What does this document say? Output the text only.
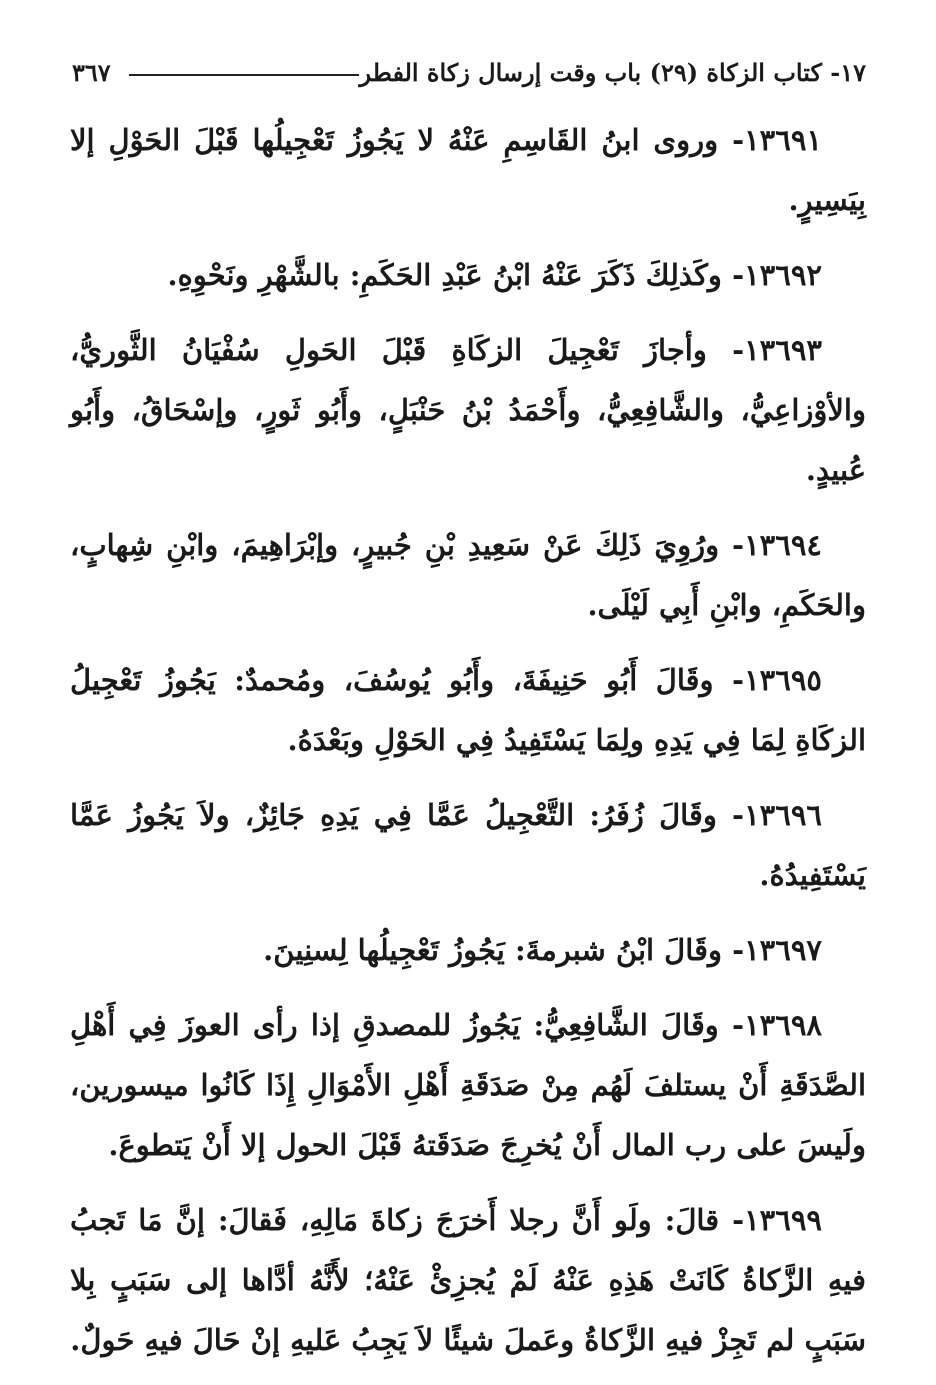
١٧- كتاب الزكاة (٢٩) باب وقت إرسال زكاة الفطر
٣٦٧

١٣٦٩١- وروى ابنُ القَاسِمِ عَنْهُ لا يَجُوزُ تَعْجِيلُها قَبْلَ الحَوْلِ إلا بِيَسِيرٍ.

١٣٦٩٢- وكَذلِكَ ذَكَرَ عَنْهُ ابْنُ عَبْدِ الحَكَمِ: بالشَّهْرِ ونَحْوِهِ.

١٣٦٩٣- وأجازَ تَعْجِيلَ الزكَاةِ قَبْلَ الحَولِ سُفْيَانُ الثَّوريُّ، والأوْزاعِيُّ، والشَّافِعِيُّ، وأَحْمَدُ بْنُ حَنْبَلٍ، وأَبُو ثَورٍ، وإسْحَاقُ، وأَبُو عُبيدٍ.

١٣٦٩٤- ورُوِيَ ذَلِكَ عَنْ سَعِيدِ بْنِ جُبيرٍ، وإبْرَاهِيمَ، وابْنِ شِهابٍ، والحَكَمِ، وابْنِ أَبِي لَيْلَى.

١٣٦٩٥- وقَالَ أَبُو حَنِيفَةَ، وأَبُو يُوسُفَ، ومُحمدٌ: يَجُوزُ تَعْجِيلُ الزكَاةِ لِمَا فِي يَدِهِ ولِمَا يَسْتَفِيدُ فِي الحَوْلِ وبَعْدَهُ.

١٣٦٩٦- وقَالَ زُفَرُ: التَّعْجِيلُ عَمَّا فِي يَدِهِ جَائِزٌ، ولاَ يَجُوزُ عَمَّا يَسْتَفِيدُهُ.

١٣٦٩٧- وقَالَ ابْنُ شبرمةَ: يَجُوزُ تَعْجِيلُها لِسنِينَ.

١٣٦٩٨- وقَالَ الشَّافِعِيُّ: يَجُوزُ للمصدقِ إذا رأى العوزَ فِي أَهْلِ الصَّدَقَةِ أَنْ يستلفَ لَهُم مِنْ صَدَقَةِ أَهْلِ الأَمْوَالِ إِذَا كَانُوا ميسورين، ولَيسَ على رب المال أَنْ يُخرِجَ صَدَقَتهُ قَبْلَ الحول إلا أَنْ يَتطوعَ.

١٣٦٩٩- قالَ: ولَو أَنَّ رجلا أَخرَجَ زكاةَ مَالِهِ، فَقالَ: إنَّ مَا تَجبُ فيهِ الزَّكاةُ كَانَتْ هَذِهِ عَنْهُ لَمْ يُجزِئْ عَنْهُ؛ لأَنَّهُ أدَّاها إلى سَبَبٍ بِلا سَبَبٍ لم تَجِزْ فيهِ الزَّكاةُ وعَملَ شيئًا لاَ يَجِبُ عَليهِ إنْ حَالَ فيهِ حَولٌ.
